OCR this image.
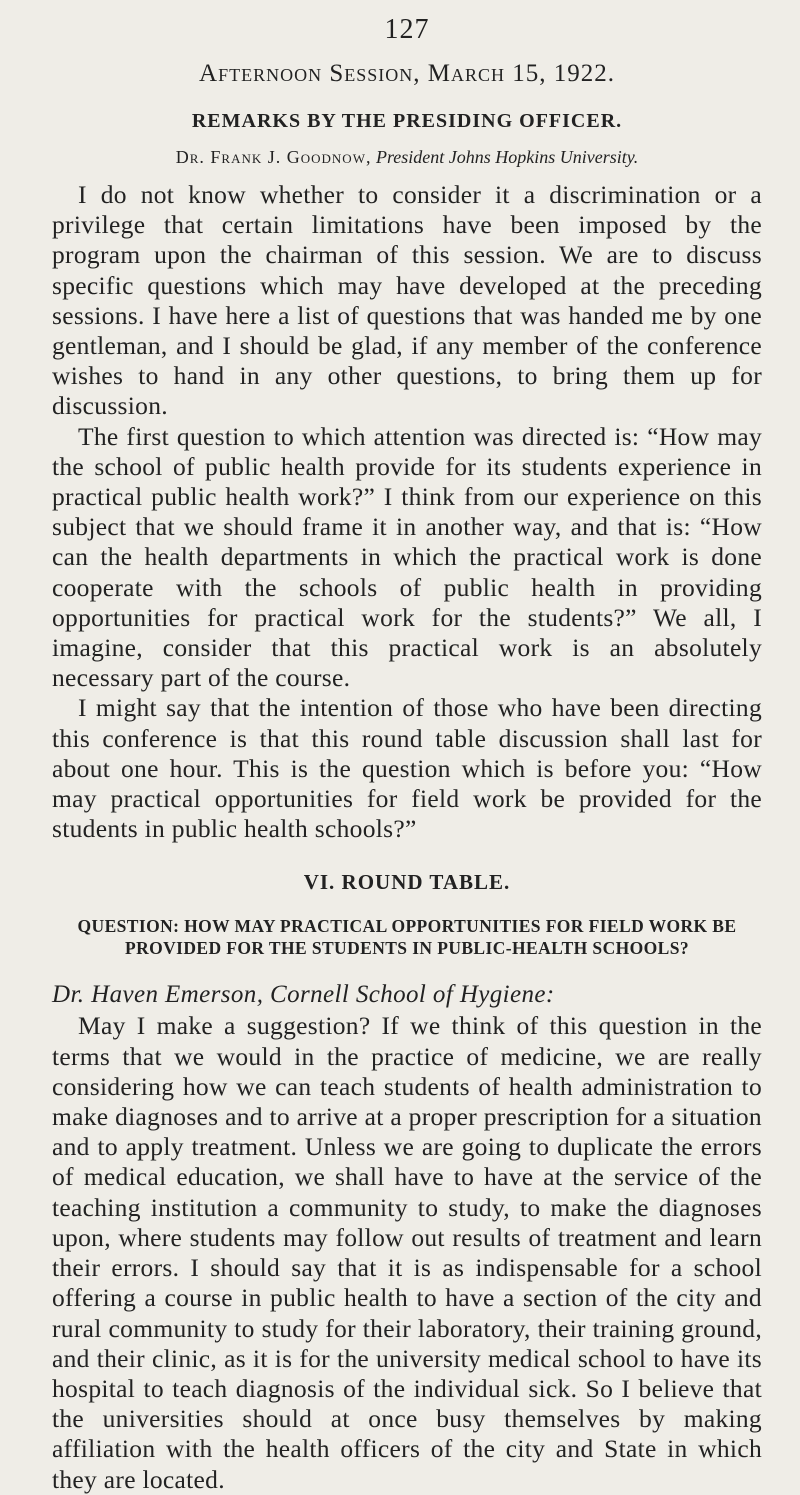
127
Afternoon Session, March 15, 1922.
REMARKS BY THE PRESIDING OFFICER.
Dr. Frank J. Goodnow, President Johns Hopkins University.

I do not know whether to consider it a discrimination or a privilege that certain limitations have been imposed by the program upon the chairman of this session. We are to discuss specific questions which may have developed at the preceding sessions. I have here a list of questions that was handed me by one gentleman, and I should be glad, if any member of the conference wishes to hand in any other questions, to bring them up for discussion.

The first question to which attention was directed is: “How may the school of public health provide for its students experience in practical public health work?” I think from our experience on this subject that we should frame it in another way, and that is: “How can the health departments in which the practical work is done cooperate with the schools of public health in providing opportunities for practical work for the students?” We all, I imagine, consider that this practical work is an absolutely necessary part of the course.

I might say that the intention of those who have been directing this conference is that this round table discussion shall last for about one hour. This is the question which is before you: “How may practical opportunities for field work be provided for the students in public health schools?”

VI. ROUND TABLE.
QUESTION: HOW MAY PRACTICAL OPPORTUNITIES FOR FIELD WORK BE PROVIDED FOR THE STUDENTS IN PUBLIC-HEALTH SCHOOLS?
Dr. Haven Emerson, Cornell School of Hygiene:

May I make a suggestion? If we think of this question in the terms that we would in the practice of medicine, we are really considering how we can teach students of health administration to make diagnoses and to arrive at a proper prescription for a situation and to apply treatment. Unless we are going to duplicate the errors of medical education, we shall have to have at the service of the teaching institution a community to study, to make the diagnoses upon, where students may follow out results of treatment and learn their errors. I should say that it is as indispensable for a school offering a course in public health to have a section of the city and rural community to study for their laboratory, their training ground, and their clinic, as it is for the university medical school to have its hospital to teach diagnosis of the individual sick. So I believe that the universities should at once busy themselves by making affiliation with the health officers of the city and State in which they are located.
